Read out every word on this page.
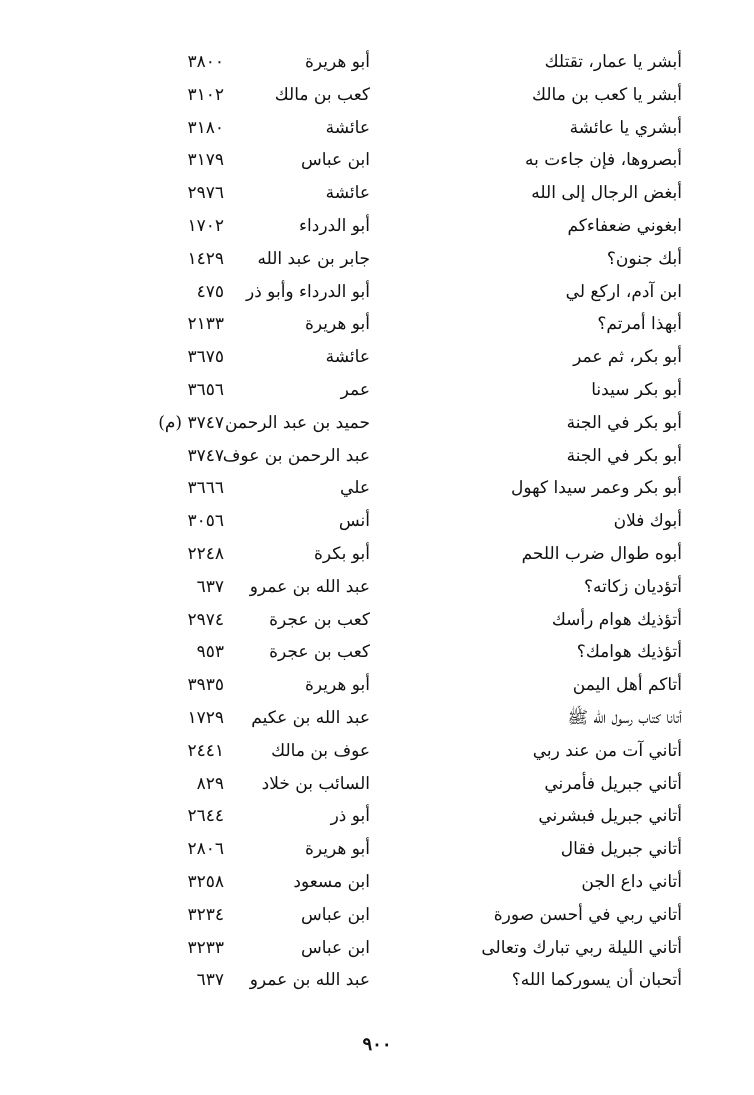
أبشر يا عمار، تقتلك
أبو هريرة
٣٨٠٠
أبشر يا كعب بن مالك
كعب بن مالك
٣١٠٢
أبشري يا عائشة
عائشة
٣١٨٠
أبصروها، فإن جاءت به
ابن عباس
٣١٧٩
أبغض الرجال إلى الله
عائشة
٢٩٧٦
ابغوني ضعفاءكم
أبو الدرداء
١٧٠٢
أبك جنون؟
جابر بن عبد الله
١٤٢٩
ابن آدم، اركع لي
أبو الدرداء وأبو ذر
٤٧٥
أبهذا أمرتم؟
أبو هريرة
٢١٣٣
أبو بكر، ثم عمر
عائشة
٣٦٧٥
أبو بكر سيدنا
عمر
٣٦٥٦
أبو بكر في الجنة
حميد بن عبد الرحمن
٣٧٤٧ (م)
أبو بكر في الجنة
عبد الرحمن بن عوف
٣٧٤٧
أبو بكر وعمر سيدا كهول
علي
٣٦٦٦
أبوك فلان
أنس
٣٠٥٦
أبوه طوال ضرب اللحم
أبو بكرة
٢٢٤٨
أتؤديان زكاته؟
عبد الله بن عمرو
٦٣٧
أتؤذيك هوام رأسك
كعب بن عجرة
٢٩٧٤
أتؤذيك هوامك؟
كعب بن عجرة
٩٥٣
أتاكم أهل اليمن
أبو هريرة
٣٩٣٥
أتانا كتاب رسول الله ﷺ
عبد الله بن عكيم
١٧٢٩
أتاني آت من عند ربي
عوف بن مالك
٢٤٤١
أتاني جبريل فأمرني
السائب بن خلاد
٨٢٩
أتاني جبريل فبشرني
أبو ذر
٢٦٤٤
أتاني جبريل فقال
أبو هريرة
٢٨٠٦
أتاني داع الجن
ابن مسعود
٣٢٥٨
أتاني ربي في أحسن صورة
ابن عباس
٣٢٣٤
أتاني الليلة ربي تبارك وتعالى
ابن عباس
٣٢٣٣
أتحبان أن يسوركما الله؟
عبد الله بن عمرو
٦٣٧
٩٠٠
